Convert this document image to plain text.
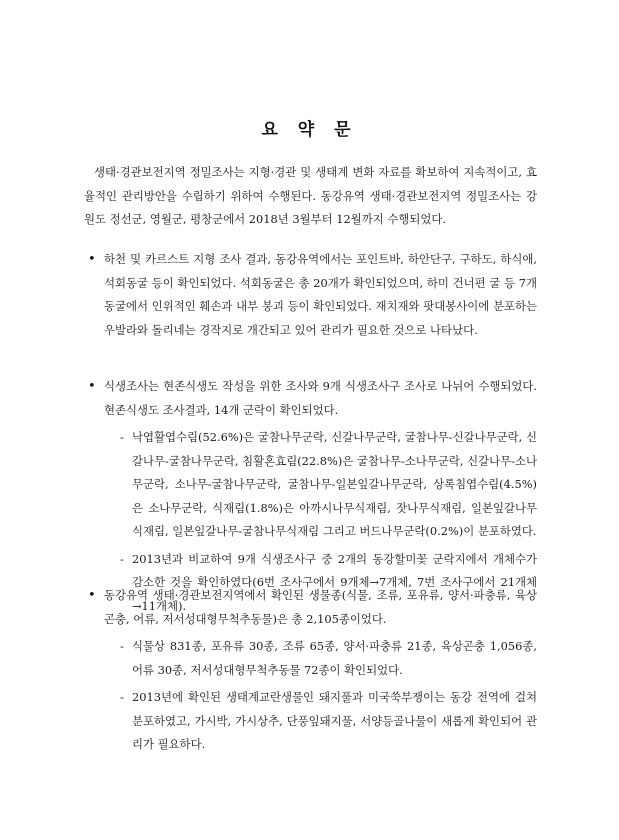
요 약 문

생태·경관보전지역 정밀조사는 지형·경관 및 생태계 변화 자료를 확보하여 지속적이고, 효율적인 관리방안을 수립하기 위하여 수행된다. 동강유역 생태·경관보전지역 정밀조사는 강원도 정선군, 영월군, 평창군에서 2018년 3월부터 12월까지 수행되었다.

• 하천 및 카르스트 지형 조사 결과, 동강유역에서는 포인트바, 하안단구, 구하도, 하식애, 석회동굴 등이 확인되었다. 석회동굴은 총 20개가 확인되었으며, 하미 건너편 굴 등 7개 동굴에서 인위적인 훼손과 내부 붕괴 등이 확인되었다. 재치재와 팟대봉사이에 분포하는 우발라와 돌리네는 경작지로 개간되고 있어 관리가 필요한 것으로 나타났다.

• 식생조사는 현존식생도 작성을 위한 조사와 9개 식생조사구 조사로 나뉘어 수행되었다. 현존식생도 조사결과, 14개 군락이 확인되었다.

- 낙엽활엽수림(52.6%)은 굴참나무군락, 신갈나무군락, 굴참나무-신갈나무군락, 신갈나무-굴참나무군락, 침활혼효림(22.8%)은 굴참나무-소나무군락, 신갈나무-소나무군락, 소나무-굴참나무군락, 굴참나무-일본잎갈나무군락, 상록침엽수림(4.5%)은 소나무군락, 식재림(1.8%)은 아까시나무식재림, 잣나무식재림, 일본잎갈나무식재림, 일본잎갈나무-굴참나무식재림 그리고 버드나무군락(0.2%)이 분포하였다.

- 2013년과 비교하여 9개 식생조사구 중 2개의 동강할미꽃 군락지에서 개체수가 감소한 것을 확인하였다(6번 조사구에서 9개체→7개체, 7번 조사구에서 21개체→11개체).

• 동강유역 생태·경관보전지역에서 확인된 생물종(식물, 조류, 포유류, 양서·파충류, 육상곤충, 어류, 저서성대형무척추동물)은 총 2,105종이었다.

- 식물상 831종, 포유류 30종, 조류 65종, 양서·파충류 21종, 육상곤충 1,056종, 어류 30종, 저서성대형무척추동물 72종이 확인되었다.

- 2013년에 확인된 생태계교란생물인 돼지풀과 미국쑥부쟁이는 동강 전역에 걸쳐 분포하였고, 가시박, 가시상추, 단풍잎돼지풀, 서양등골나물이 새롭게 확인되어 관리가 필요하다.
